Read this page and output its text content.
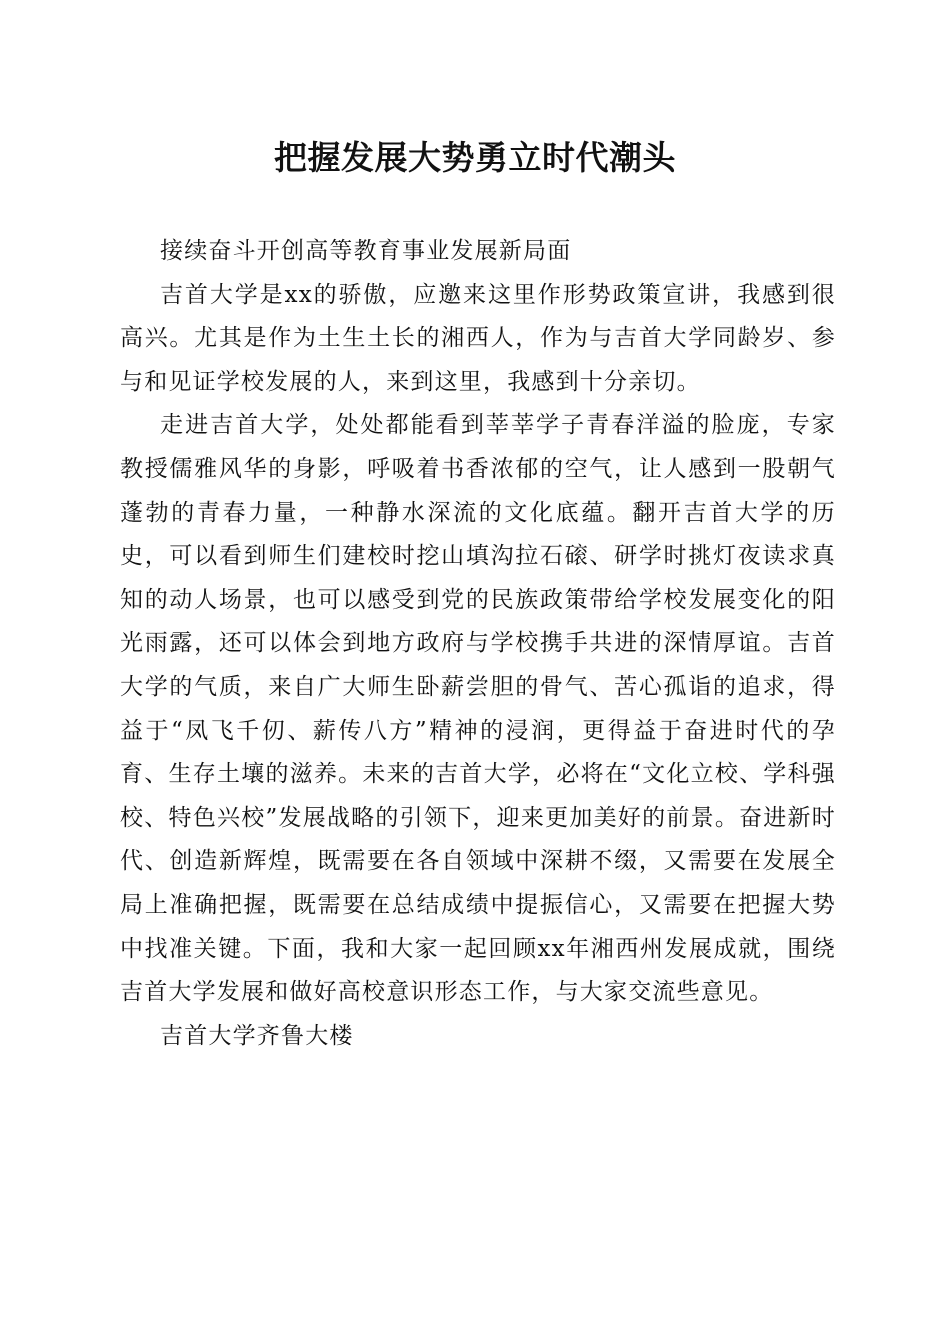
把握发展大势勇立时代潮头

接续奋斗开创高等教育事业发展新局面

吉首大学是xx的骄傲，应邀来这里作形势政策宣讲，我感到很高兴。尤其是作为土生土长的湘西人，作为与吉首大学同龄岁、参与和见证学校发展的人，来到这里，我感到十分亲切。

走进吉首大学，处处都能看到莘莘学子青春洋溢的脸庞，专家教授儒雅风华的身影，呼吸着书香浓郁的空气，让人感到一股朝气蓬勃的青春力量，一种静水深流的文化底蕴。翻开吉首大学的历史，可以看到师生们建校时挖山填沟拉石磙、研学时挑灯夜读求真知的动人场景，也可以感受到党的民族政策带给学校发展变化的阳光雨露，还可以体会到地方政府与学校携手共进的深情厚谊。吉首大学的气质，来自广大师生卧薪尝胆的骨气、苦心孤诣的追求，得益于“凤飞千仞、薪传八方”精神的浸润，更得益于奋进时代的孕育、生存土壤的滋养。未来的吉首大学，必将在“文化立校、学科强校、特色兴校”发展战略的引领下，迎来更加美好的前景。奋进新时代、创造新辉煌，既需要在各自领域中深耕不缀，又需要在发展全局上准确把握，既需要在总结成绩中提振信心，又需要在把握大势中找准关键。下面，我和大家一起回顾xx年湘西州发展成就，围绕吉首大学发展和做好高校意识形态工作，与大家交流些意见。

吉首大学齐鲁大楼
